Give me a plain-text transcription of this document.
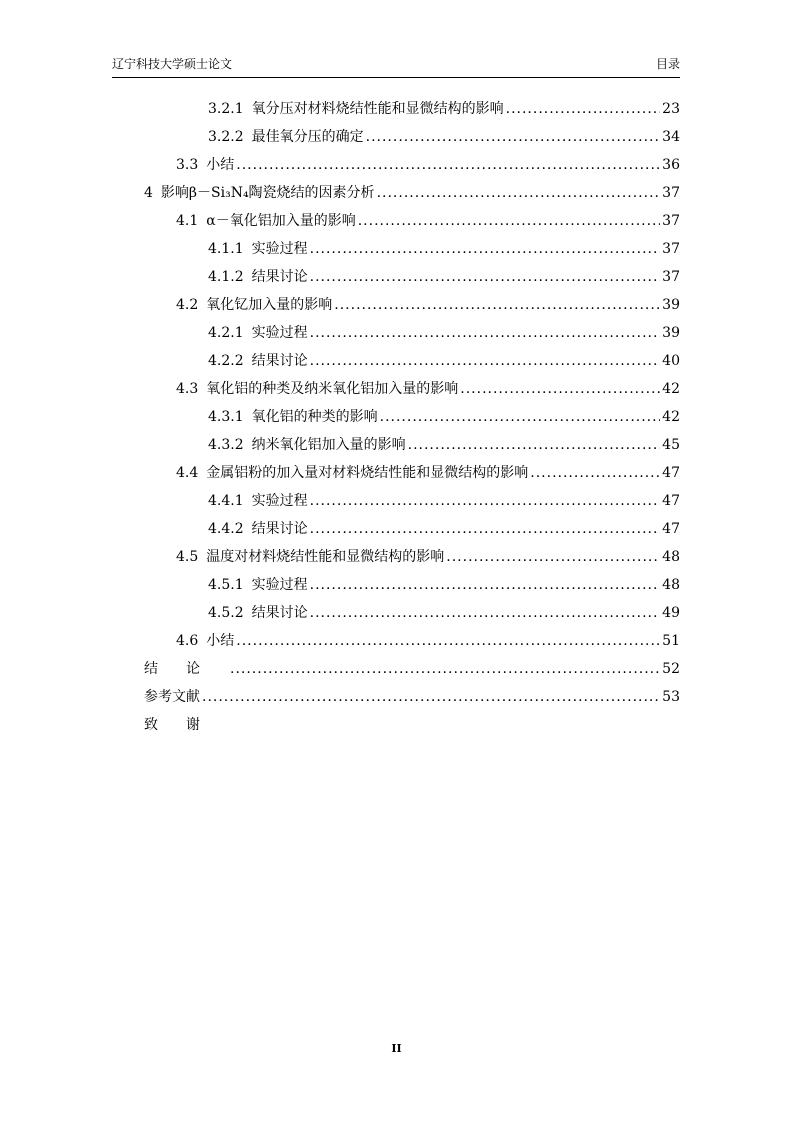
辽宁科技大学硕士论文	目录
3.2.1 氧分压对材料烧结性能和显微结构的影响 .....	23
3.2.2 最佳氧分压的确定 .....	34
3.3 小结 .....	36
4 影响β－Si₃N₄陶瓷烧结的因素分析 .....	37
4.1 α－氧化铝加入量的影响 .....	37
4.1.1 实验过程 .....	37
4.1.2 结果讨论 .....	37
4.2 氧化钇加入量的影响 .....	39
4.2.1 实验过程 .....	39
4.2.2 结果讨论 .....	40
4.3 氧化铝的种类及纳米氧化铝加入量的影响 .....	42
4.3.1 氧化铝的种类的影响 .....	42
4.3.2 纳米氧化铝加入量的影响 .....	45
4.4 金属铝粉的加入量对材料烧结性能和显微结构的影响 .....	47
4.4.1 实验过程 .....	47
4.4.2 结果讨论 .....	47
4.5 温度对材料烧结性能和显微结构的影响 .....	48
4.5.1 实验过程 .....	48
4.5.2 结果讨论 .....	49
4.6 小结 .....	51
结论 .....	52
参考文献 .....	53
致谢
II
